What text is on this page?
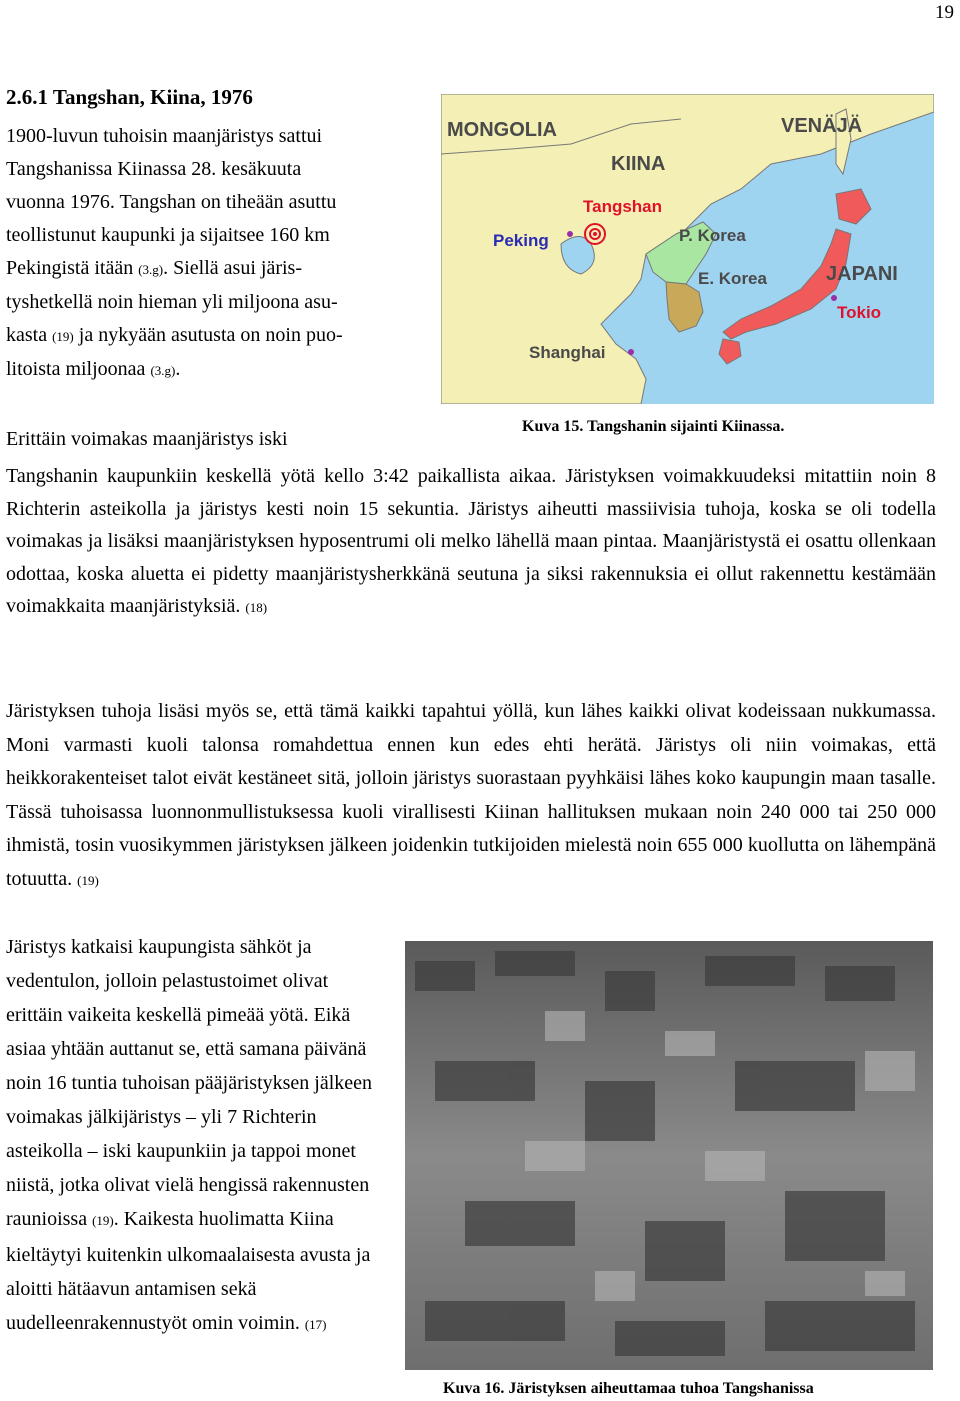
19
2.6.1 Tangshan, Kiina, 1976
1900-luvun tuhoisin maanjäristys sattui
Tangshanissa Kiinassa 28. kesäkuuta
vuonna 1976. Tangshan on tiheään asuttu
teollistunut kaupunki ja sijaitsee 160 km
Pekingistä itään (3.g). Siellä asui järis-
tyshetkellä noin hieman yli miljoona asu-
kasta (19) ja nykyään asutusta on noin puo-
litoista miljoonaa (3.g).
MONGOLIA	VENÄJÄ
KIINA
Tangshan
Peking	P. Korea
E. Korea	JAPANI
Tokio
Shanghai
Kuva 15. Tangshanin sijainti Kiinassa.
Erittäin voimakas maanjäristys iski
Tangshanin kaupunkiin keskellä yötä kello 3:42 paikallista aikaa. Järistyksen voimakkuudeksi mitattiin noin 8 Richterin asteikolla ja järistys kesti noin 15 sekuntia. Järistys aiheutti massiivisia tuhoja, koska se oli todella voimakas ja lisäksi maanjäristyksen hyposentrumi oli melko lähellä maan pintaa. Maanjäristystä ei osattu ollenkaan odottaa, koska aluetta ei pidetty maanjäristysherkkänä seutuna ja siksi rakennuksia ei ollut rakennettu kestämään voimakkaita maanjäristyksiä. (18)
Järistyksen tuhoja lisäsi myös se, että tämä kaikki tapahtui yöllä, kun lähes kaikki olivat kodeissaan nukkumassa. Moni varmasti kuoli talonsa romahdettua ennen kun edes ehti herätä. Järistys oli niin voimakas, että heikkorakenteiset talot eivät kestäneet sitä, jolloin järistys suorastaan pyyhkäisi lähes koko kaupungin maan tasalle. Tässä tuhoisassa luonnonmullistuksessa kuoli virallisesti Kiinan hallituksen mukaan noin 240 000 tai 250 000 ihmistä, tosin vuosikymmen järistyksen jälkeen joidenkin tutkijoiden mielestä noin 655 000 kuollutta on lähempänä totuutta. (19)
Järistys katkaisi kaupungista sähköt ja vedentulon, jolloin pelastustoimet olivat erittäin vaikeita keskellä pimeää yötä. Eikä asiaa yhtään auttanut se, että samana päivänä noin 16 tuntia tuhoisan pääjäristyksen jälkeen voimakas jälkijäristys – yli 7 Richterin asteikolla – iski kaupunkiin ja tappoi monet niistä, jotka olivat vielä hengissä rakennusten raunioissa (19). Kaikesta huolimatta Kiina kieltäytyi kuitenkin ulkomaalaisesta avusta ja aloitti hätäavun antamisen sekä uudelleenrakennustyöt omin voimin. (17)
Kuva 16. Järistyksen aiheuttamaa tuhoa Tangshanissa
